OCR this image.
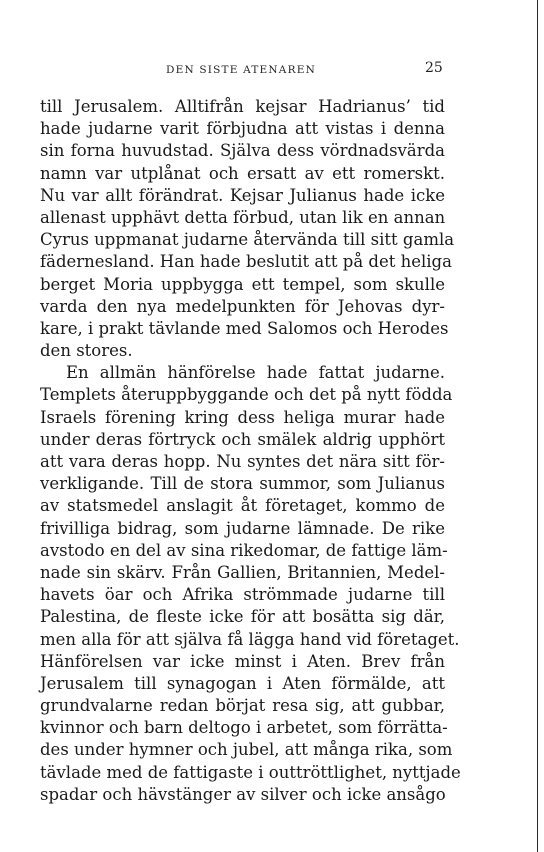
DEN SISTE ATENAREN	25
till Jerusalem. Alltifrån kejsar Hadrianus’ tid
hade judarne varit förbjudna att vistas i denna
sin forna huvudstad. Själva dess vördnadsvärda
namn var utplånat och ersatt av ett romerskt.
Nu var allt förändrat. Kejsar Julianus hade icke
allenast upphävt detta förbud, utan lik en annan
Cyrus uppmanat judarne återvända till sitt gamla
fädernesland. Han hade beslutit att på det heliga
berget Moria uppbygga ett tempel, som skulle
varda den nya medelpunkten för Jehovas dyr-
kare, i prakt tävlande med Salomos och Herodes
den stores.
En allmän hänförelse hade fattat judarne.
Templets återuppbyggande och det på nytt födda
Israels förening kring dess heliga murar hade
under deras förtryck och smälek aldrig upphört
att vara deras hopp. Nu syntes det nära sitt för-
verkligande. Till de stora summor, som Julianus
av statsmedel anslagit åt företaget, kommo de
frivilliga bidrag, som judarne lämnade. De rike
avstodo en del av sina rikedomar, de fattige läm-
nade sin skärv. Från Gallien, Britannien, Medel-
havets öar och Afrika strömmade judarne till
Palestina, de fleste icke för att bosätta sig där,
men alla för att själva få lägga hand vid företaget.
Hänförelsen var icke minst i Aten. Brev från
Jerusalem till synagogan i Aten förmälde, att
grundvalarne redan börjat resa sig, att gubbar,
kvinnor och barn deltogo i arbetet, som förrätta-
des under hymner och jubel, att många rika, som
tävlade med de fattigaste i outtröttlighet, nyttjade
spadar och hävstänger av silver och icke ansågo
